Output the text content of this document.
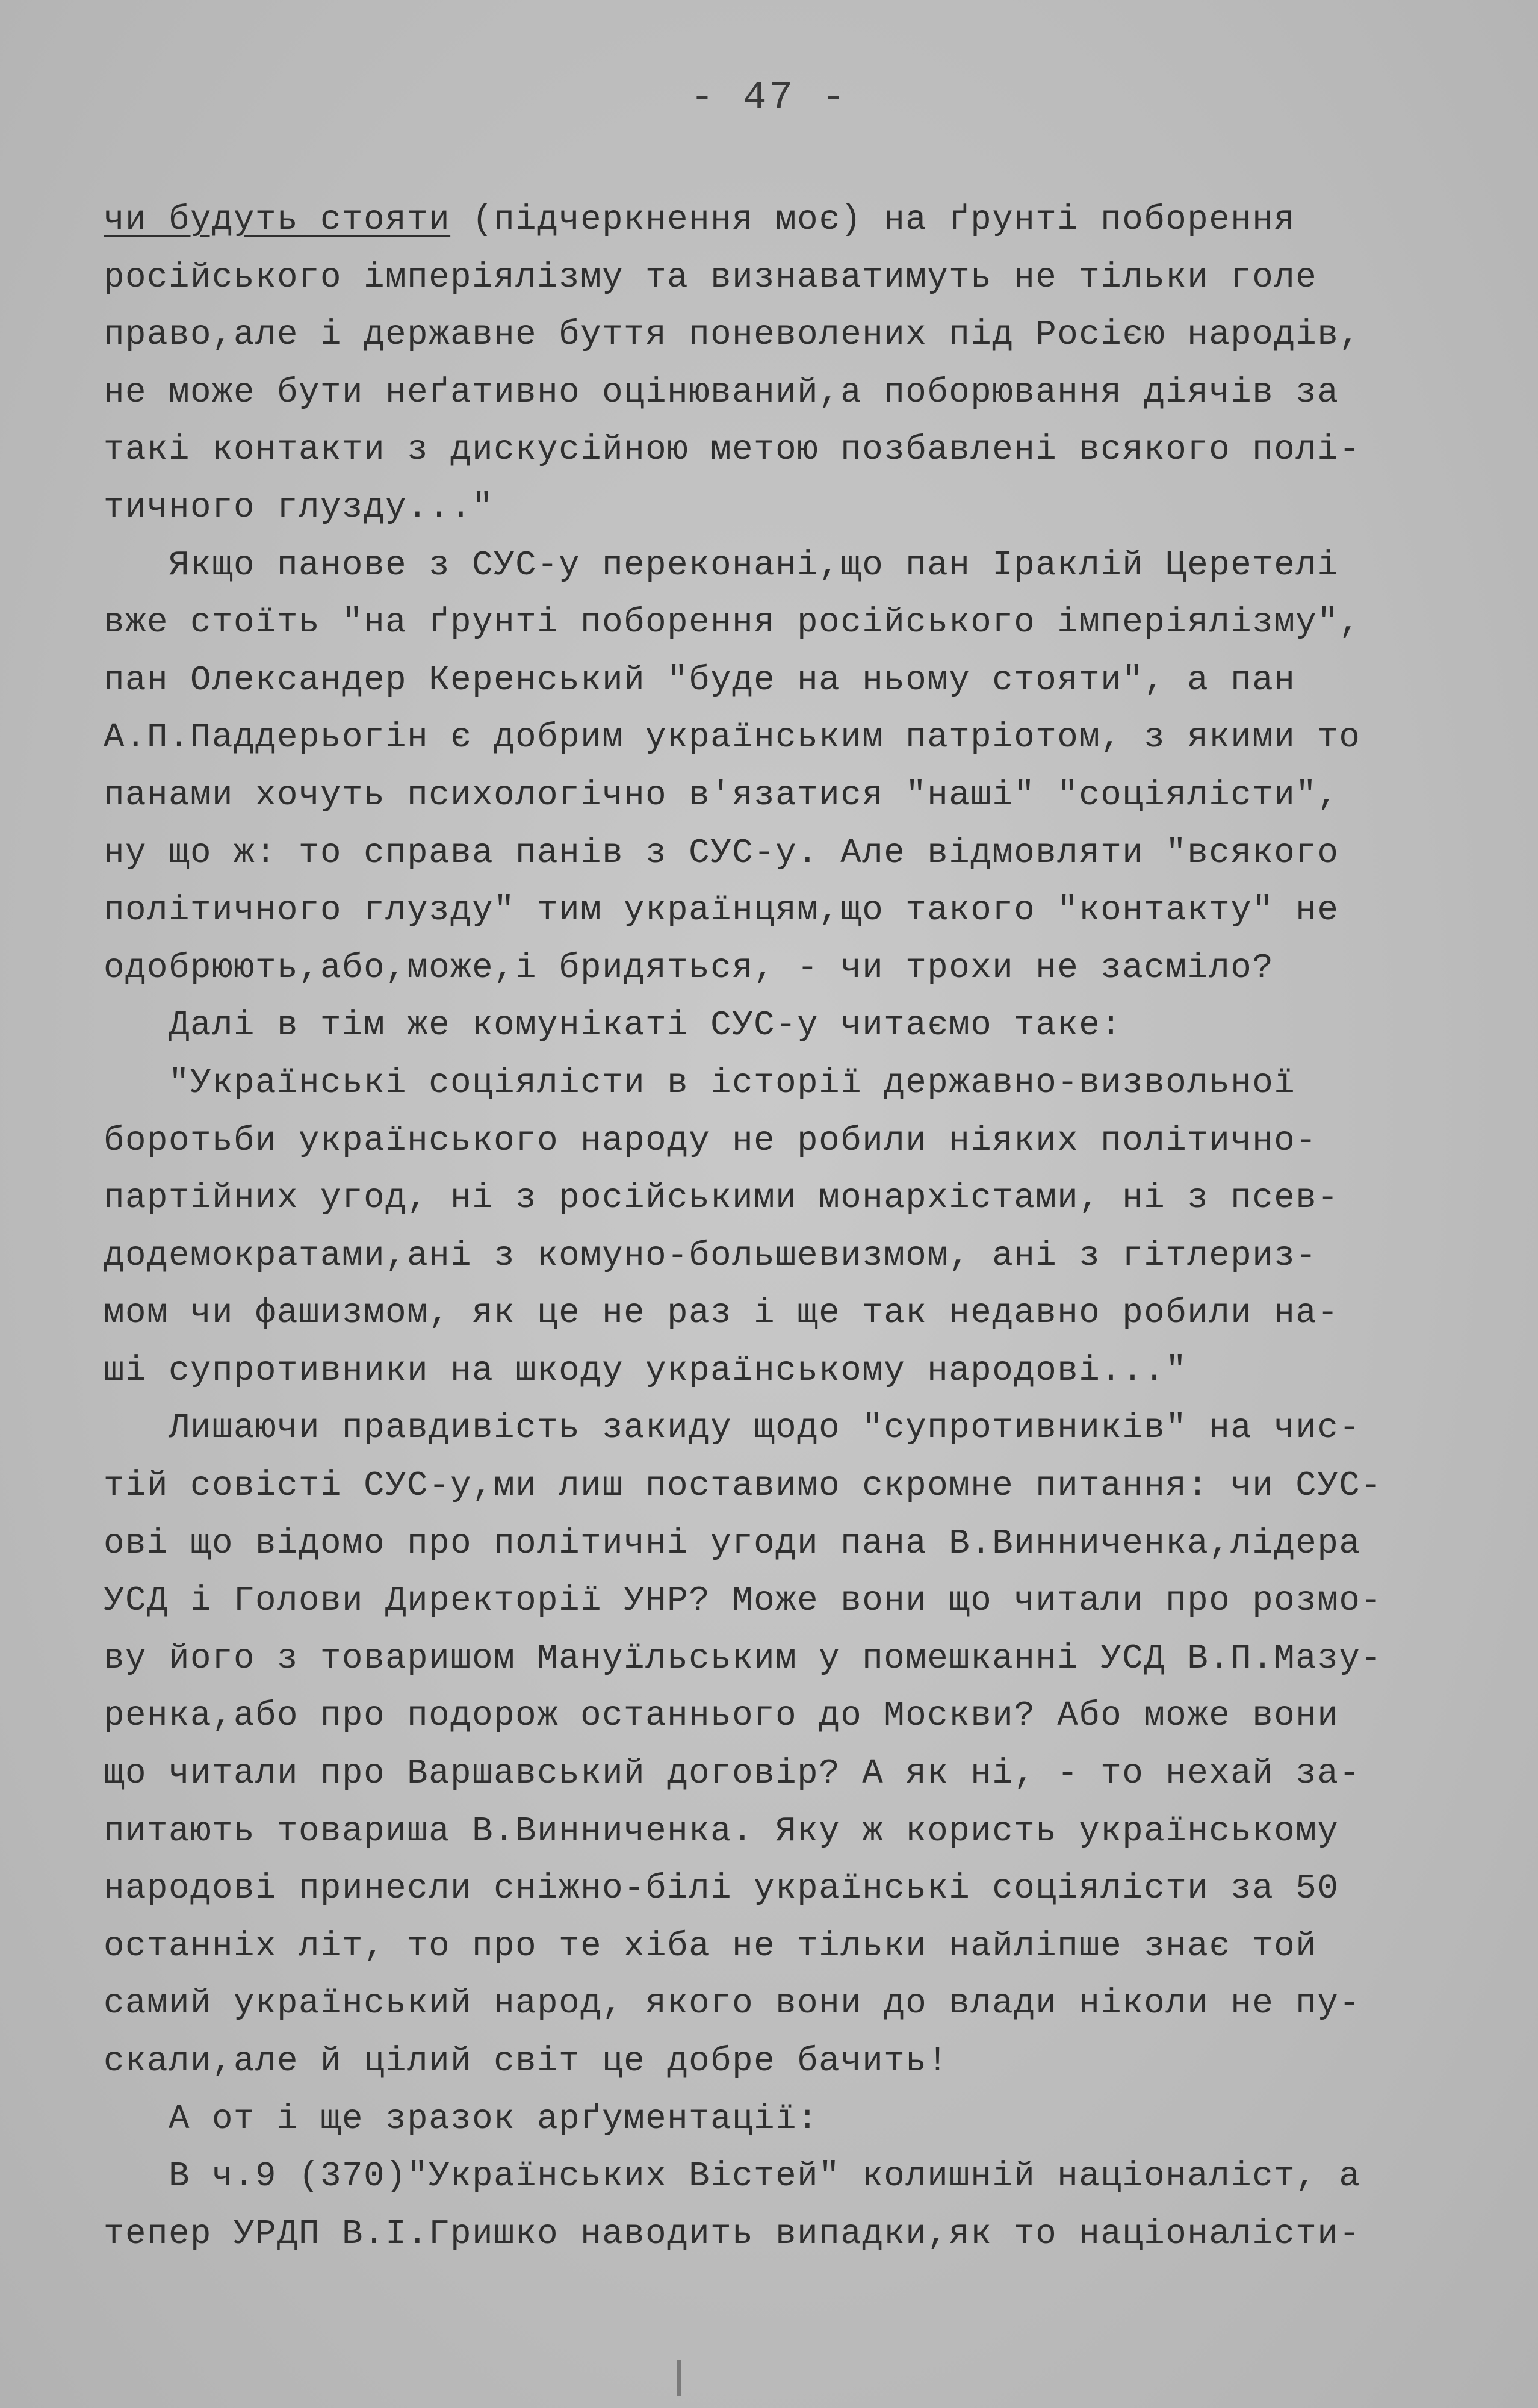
- 47 -
чи будуть стояти (підчеркнення моє) на ґрунті поборення
російського імперіялізму та визнаватимуть не тільки голе
право,але і державне буття поневолених під Росією народів,
не може бути неґативно оцінюваний,а поборювання діячів за
такі контакти з дискусійною метою позбавлені всякого полі-
тичного глузду..."
Якщо панове з СУС-у переконані,що пан Іраклій Церетелі
вже стоїть "на ґрунті поборення російського імперіялізму",
пан Олександер Керенський "буде на ньому стояти", а пан
А.П.Паддерьогін є добрим українським патріотом, з якими то
панами хочуть психологічно в'язатися "наші" "соціялісти",
ну що ж: то справа панів з СУС-у. Але відмовляти "всякого
політичного глузду" тим українцям,що такого "контакту" не
одобрюють,або,може,і бридяться, - чи трохи не засміло?
Далі в тім же комунікаті СУС-у читаємо таке:
"Українські соціялісти в історії державно-визвольної
боротьби українського народу не робили ніяких політично-
партійних угод, ні з російськими монархістами, ні з псев-
додемократами,ані з комуно-большевизмом, ані з гітлериз-
мом чи фашизмом, як це не раз і ще так недавно робили на-
ші супротивники на шкоду українському народові..."
Лишаючи правдивість закиду щодо "супротивників" на чис-
тій совісті СУС-у,ми лиш поставимо скромне питання: чи СУС-
ові що відомо про політичні угоди пана В.Винниченка,лідера
УСД і Голови Директорії УНР? Може вони що читали про розмо-
ву його з товаришом Мануїльським у помешканні УСД В.П.Мазу-
ренка,або про подорож останнього до Москви? Або може вони
що читали про Варшавський договір? А як ні, - то нехай за-
питають товариша В.Винниченка. Яку ж користь українському
народові принесли сніжно-білі українські соціялісти за 50
останніх літ, то про те хіба не тільки найліпше знає той
самий український народ, якого вони до влади ніколи не пу-
скали,але й цілий світ це добре бачить!
А от і ще зразок арґументації:
В ч.9 (370)"Українських Вістей" колишній націоналіст, а
тепер УРДП В.І.Гришко наводить випадки,як то націоналісти-
